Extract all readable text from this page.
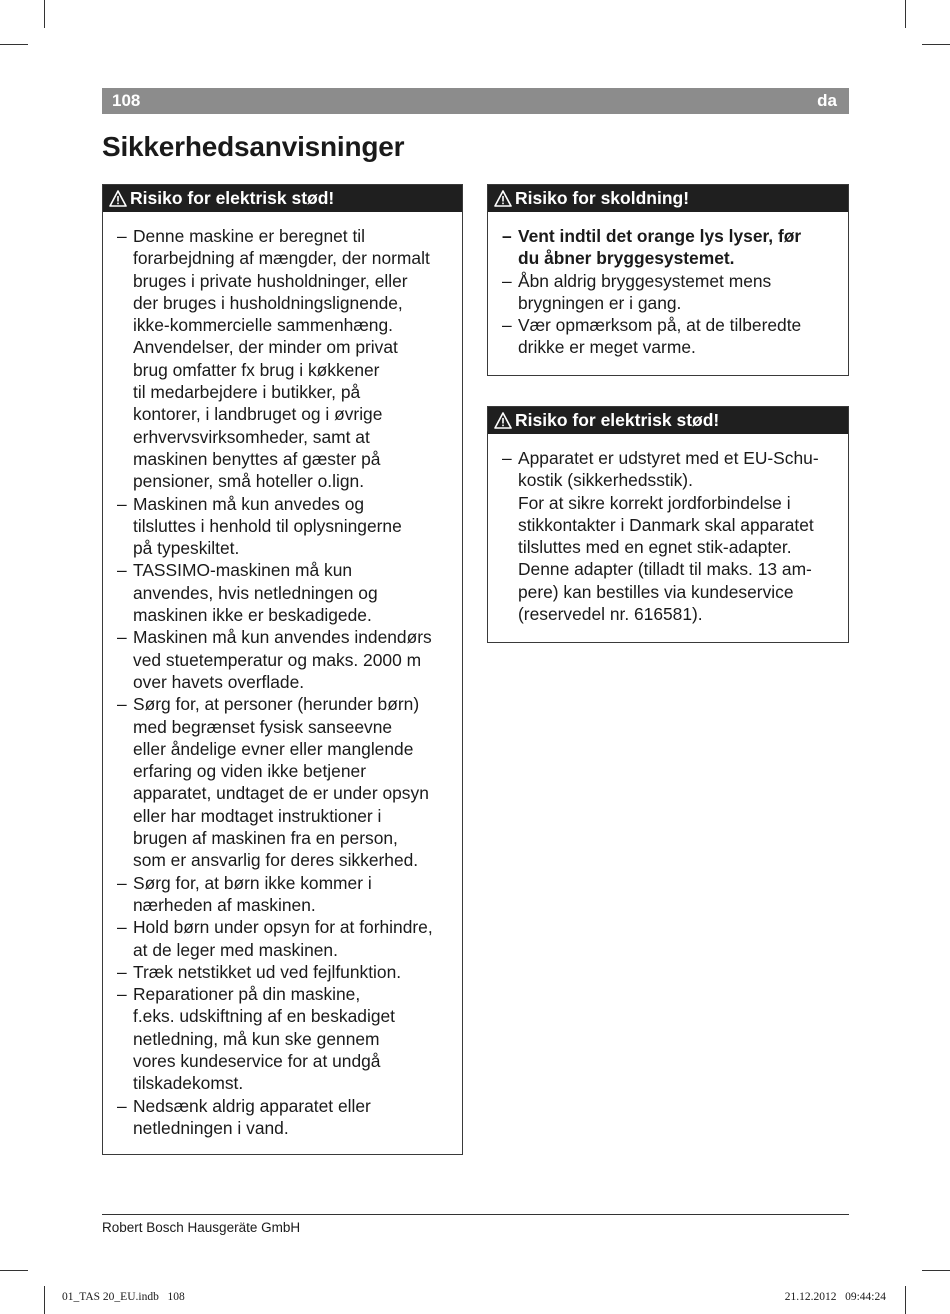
108	da
Sikkerhedsanvisninger
Risiko for elektrisk stød!
– Denne maskine er beregnet til
forarbejdning af mængder, der normalt
bruges i private husholdninger, eller
der bruges i husholdningslignende,
ikke-kommercielle sammenhæng.
Anvendelser, der minder om privat
brug omfatter fx brug i køkkener
til medarbejdere i butikker, på
kontorer, i landbruget og i øvrige
erhvervsvirksomheder, samt at
maskinen benyttes af gæster på
pensioner, små hoteller o.lign.
– Maskinen må kun anvedes og
tilsluttes i henhold til oplysningerne
på typeskiltet.
– TASSIMO-maskinen må kun
anvendes, hvis netledningen og
maskinen ikke er beskadigede.
– Maskinen må kun anvendes indendørs
ved stuetemperatur og maks. 2000 m
over havets overflade.
– Sørg for, at personer (herunder børn)
med begrænset fysisk sanseevne
eller åndelige evner eller manglende
erfaring og viden ikke betjener
apparatet, undtaget de er under opsyn
eller har modtaget instruktioner i
brugen af maskinen fra en person,
som er ansvarlig for deres sikkerhed.
– Sørg for, at børn ikke kommer i
nærheden af maskinen.
– Hold børn under opsyn for at forhindre,
at de leger med maskinen.
– Træk netstikket ud ved fejlfunktion.
– Reparationer på din maskine,
f.eks. udskiftning af en beskadiget
netledning, må kun ske gennem
vores kundeservice for at undgå
tilskadekomst.
– Nedsænk aldrig apparatet eller
netledningen i vand.
Risiko for skoldning!
– Vent indtil det orange lys lyser, før
du åbner bryggesystemet.
– Åbn aldrig bryggesystemet mens
brygningen er i gang.
– Vær opmærksom på, at de tilberedte
drikke er meget varme.
Risiko for elektrisk stød!
– Apparatet er udstyret med et EU-Schu-
kostik (sikkerhedsstik).
For at sikre korrekt jordforbindelse i
stikkontakter i Danmark skal apparatet
tilsluttes med en egnet stik-adapter.
Denne adapter (tilladt til maks. 13 am-
pere) kan bestilles via kundeservice
(reservedel nr. 616581).
Robert Bosch Hausgeräte GmbH
01_TAS 20_EU.indb   108	21.12.2012   09:44:24
